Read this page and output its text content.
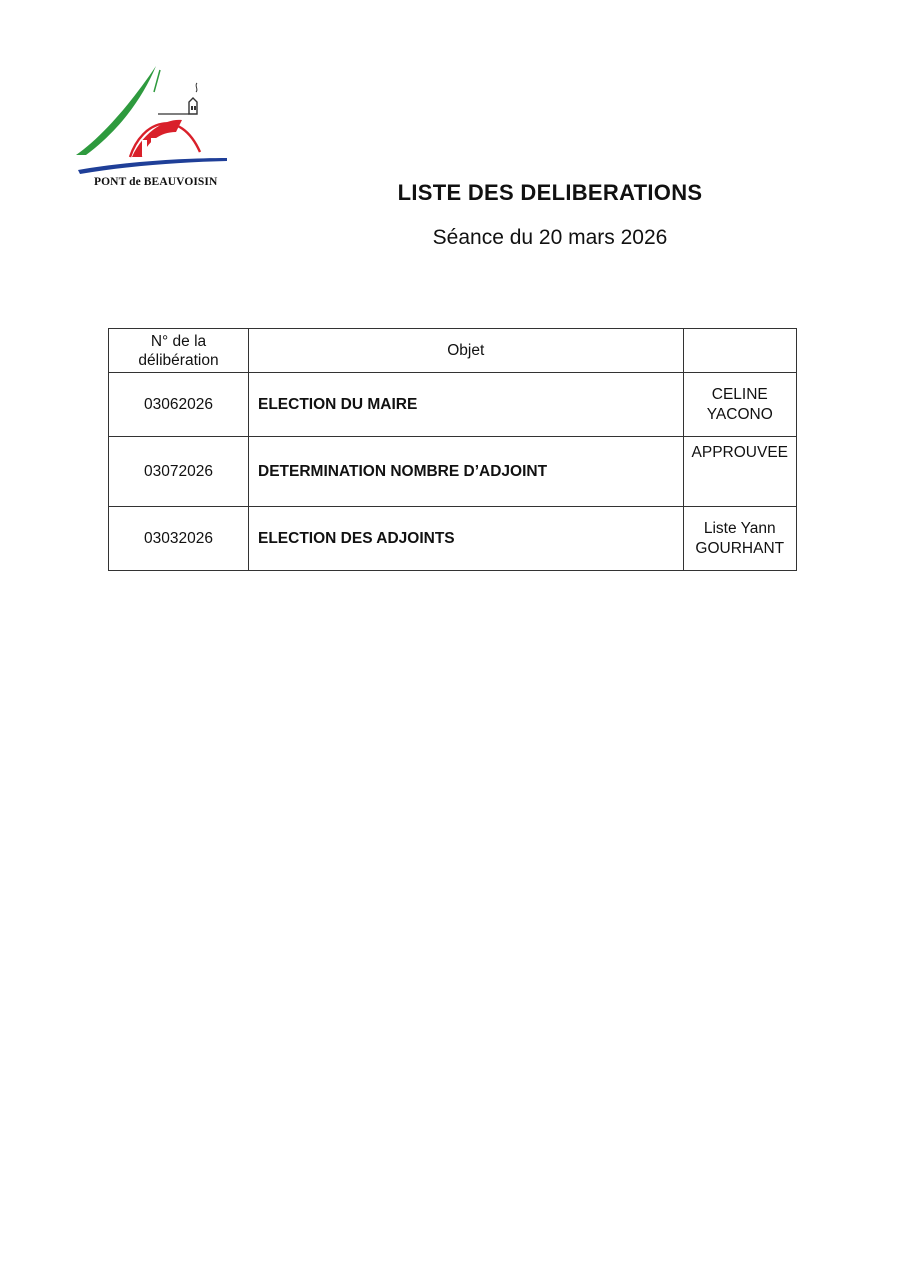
PONT de BEAUVOISIN	LISTE DES DELIBERATIONS
Séance du 20 mars 2026
N° de la délibération	Objet	
03062026	ELECTION DU MAIRE	CELINE YACONO
03072026	DETERMINATION NOMBRE D’ADJOINT	APPROUVEE
03032026	ELECTION DES ADJOINTS	Liste Yann GOURHANT
